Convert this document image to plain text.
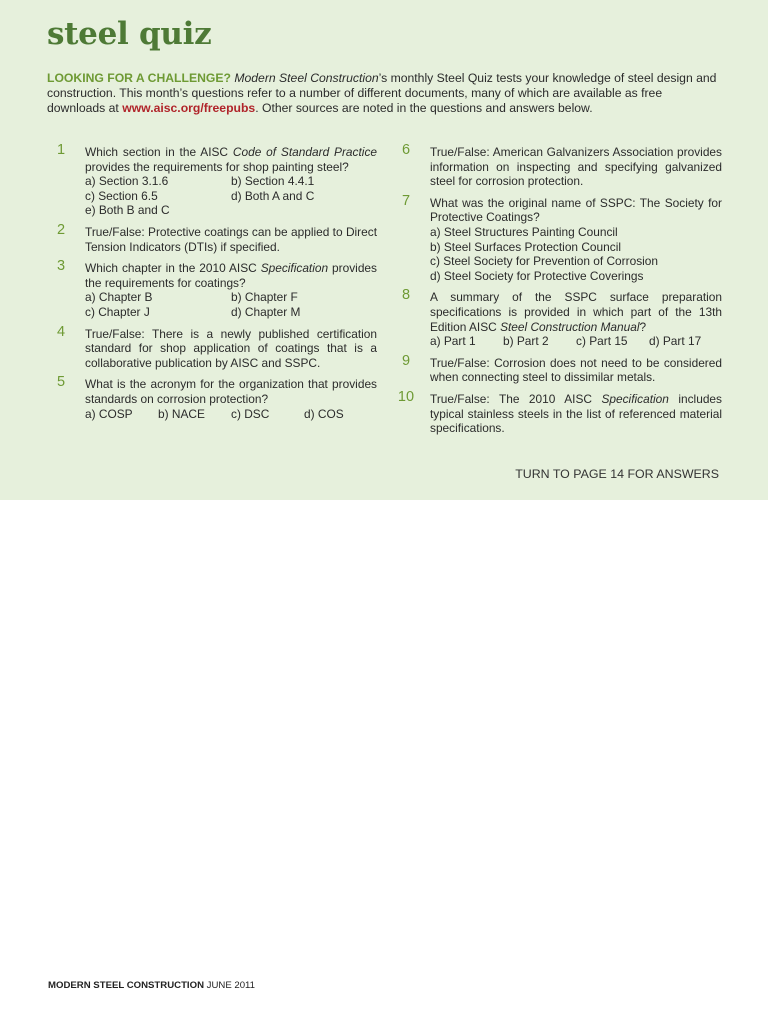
steel quiz
LOOKING FOR A CHALLENGE? Modern Steel Construction’s monthly Steel Quiz tests your knowledge of steel design and construction. This month’s questions refer to a number of different documents, many of which are available as free downloads at www.aisc.org/freepubs. Other sources are noted in the questions and answers below.
1	Which section in the AISC Code of Standard Practice provides the requirements for shop painting steel?

a) Section 3.1.6	b) Section 4.4.1
c) Section 6.5	d) Both A and C
e) Both B and C
2	True/False: Protective coatings can be applied to Direct Tension Indicators (DTIs) if specified.

3	Which chapter in the 2010 AISC Specification provides the requirements for coatings?

a) Chapter B	b) Chapter F
c) Chapter J	d) Chapter M
4	True/False: There is a newly published certification standard for shop application of coatings that is a collaborative publication by AISC and SSPC.

5	What is the acronym for the organization that provides standards on corrosion protection?

a) COSP	b) NACE	c) DSC	d) COS
6	True/False: American Galvanizers Association provides information on inspecting and specifying galvanized steel for corrosion protection.

7	What was the original name of SSPC: The Society for Protective Coatings?

a) Steel Structures Painting Council
b) Steel Surfaces Protection Council
c) Steel Society for Prevention of Corrosion
d) Steel Society for Protective Coverings
8	A summary of the SSPC surface preparation specifications is provided in which part of the 13th Edition AISC Steel Construction Manual?

a) Part 1	b) Part 2	c) Part 15	d) Part 17
9	True/False: Corrosion does not need to be considered when connecting steel to dissimilar metals.

10	True/False: The 2010 AISC Specification includes typical stainless steels in the list of referenced material specifications.

TURN TO PAGE 14 FOR ANSWERS
MODERN STEEL CONSTRUCTION JUNE 2011
